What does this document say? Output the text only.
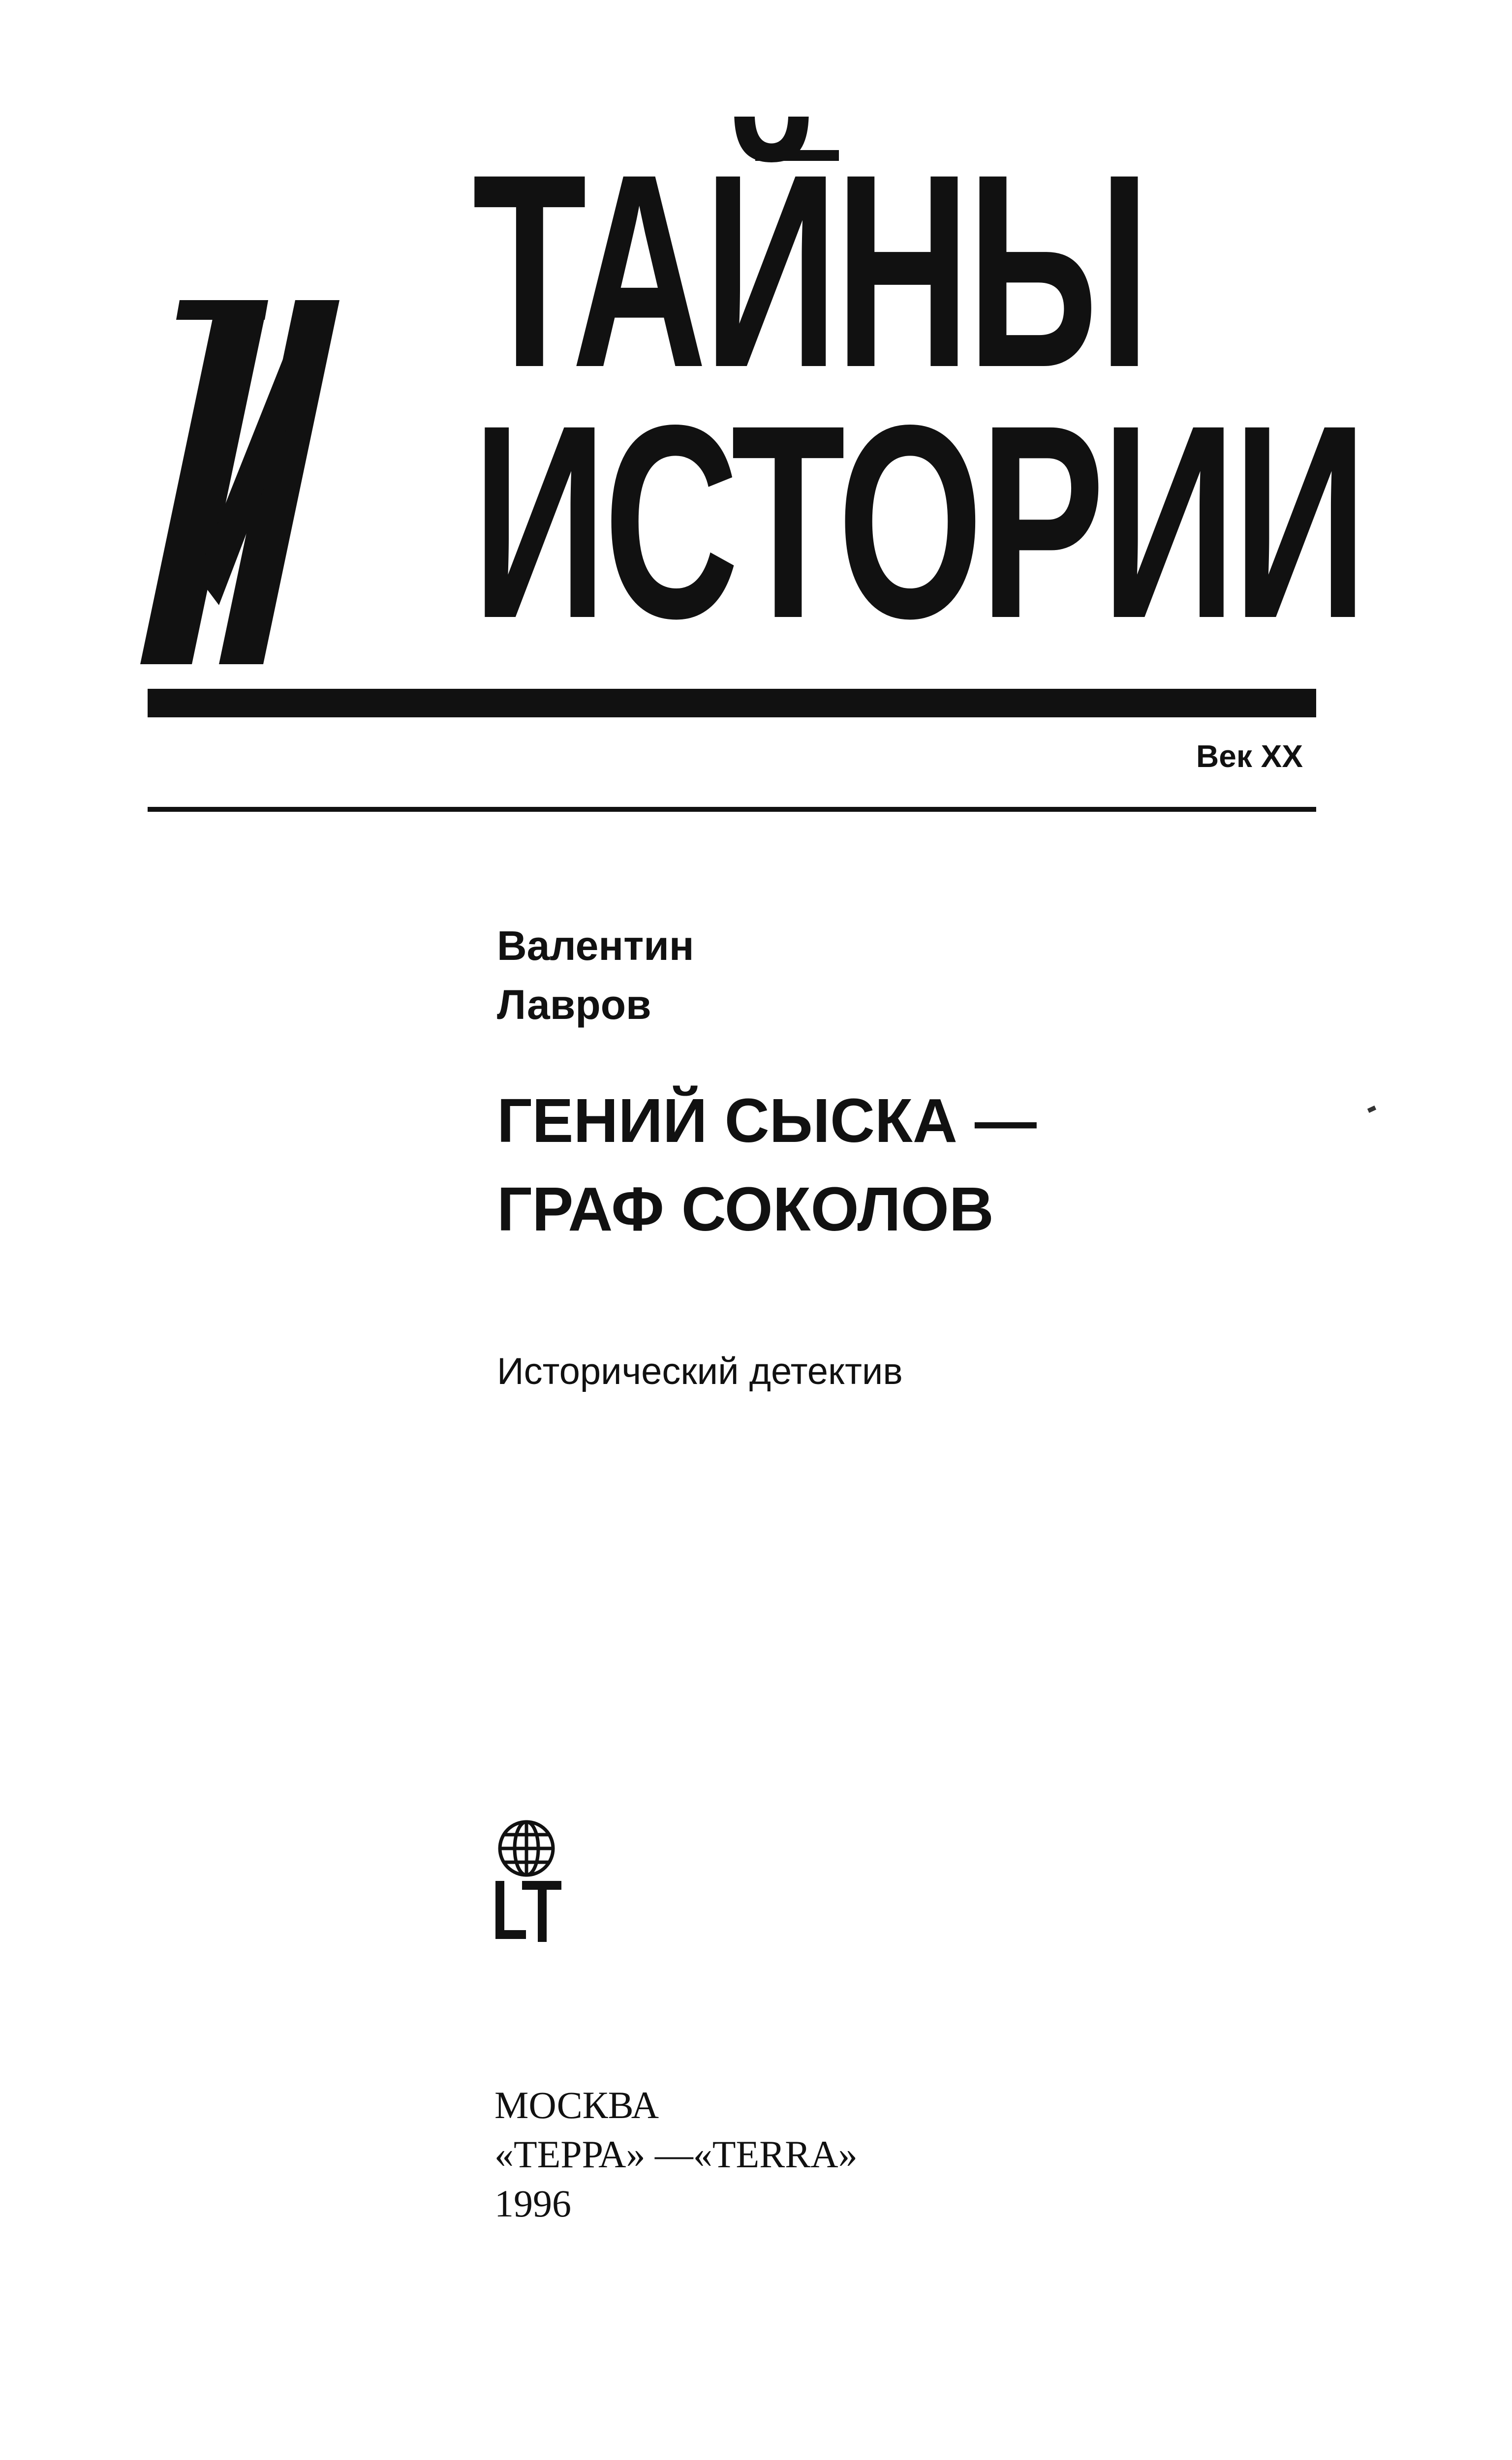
ТАЙНЫ
ИСТОРИИ
Век XX
Валентин
Лавров
ГЕНИЙ СЫСКА —
ГРАФ СОКОЛОВ
Исторический детектив
МОСКВА
«ТЕРРА» —«TERRA»
1996
